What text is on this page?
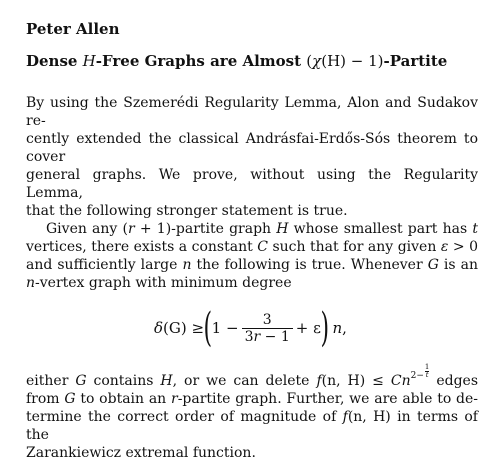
Peter Allen

Dense H-Free Graphs are Almost (χ(H) − 1)-Partite

By using the Szemerédi Regularity Lemma, Alon and Sudakov re-
cently extended the classical Andrásfai-Erdős-Sós theorem to cover
general graphs. We prove, without using the Regularity Lemma,
that the following stronger statement is true.

Given any (r + 1)-partite graph H whose smallest part has t
vertices, there exists a constant C such that for any given ε > 0
and sufficiently large n the following is true. Whenever G is an
n-vertex graph with minimum degree

δ (G) ≥ ( $1 - \frac{3}{3r - 1} + \varepsilon$ ) n ,

either G contains H, or we can delete f(n, $H) \le Cn^{2- \frac{1}{t}}$
edges
from G to obtain an r-partite graph. Further, we are able to de-
termine the correct order of magnitude of f(n, H) in terms of the
Zarankiewicz extremal function.
